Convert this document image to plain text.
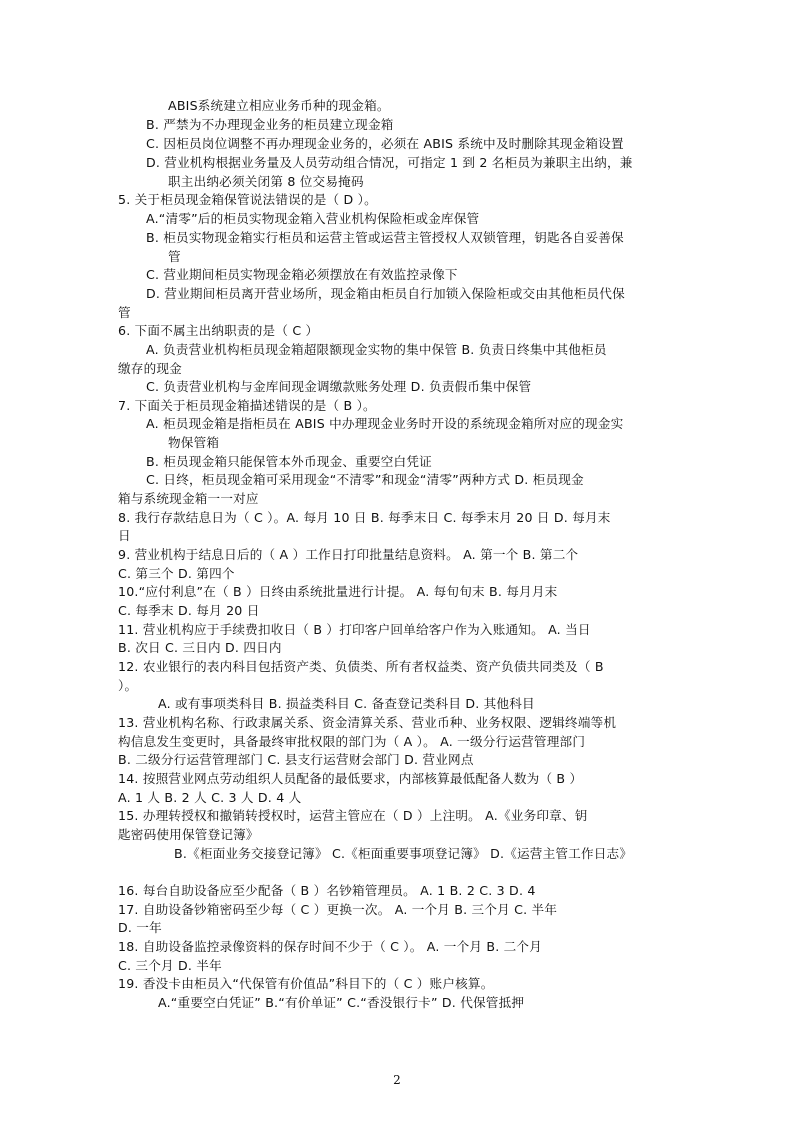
ABIS系统建立相应业务币种的现金箱。
B. 严禁为不办理现金业务的柜员建立现金箱
C. 因柜员岗位调整不再办理现金业务的，必须在 ABIS 系统中及时删除其现金箱设置
D. 营业机构根据业务量及人员劳动组合情况，可指定 1 到 2 名柜员为兼职主出纳，兼
职主出纳必须关闭第 8 位交易掩码
5. 关于柜员现金箱保管说法错误的是（ D ）。
A.“清零”后的柜员实物现金箱入营业机构保险柜或金库保管
B. 柜员实物现金箱实行柜员和运营主管或运营主管授权人双锁管理，钥匙各自妥善保
管
C. 营业期间柜员实物现金箱必须摆放在有效监控录像下
D. 营业期间柜员离开营业场所，现金箱由柜员自行加锁入保险柜或交由其他柜员代保
管
6. 下面不属主出纳职责的是（ C ）
A. 负责营业机构柜员现金箱超限额现金实物的集中保管 B. 负责日终集中其他柜员
缴存的现金
C. 负责营业机构与金库间现金调缴款账务处理 D. 负责假币集中保管
7. 下面关于柜员现金箱描述错误的是（ B ）。
A. 柜员现金箱是指柜员在 ABIS 中办理现金业务时开设的系统现金箱所对应的现金实
物保管箱
B. 柜员现金箱只能保管本外币现金、重要空白凭证
C. 日终，柜员现金箱可采用现金“不清零”和现金“清零”两种方式 D. 柜员现金
箱与系统现金箱一一对应
8. 我行存款结息日为（ C ）。A. 每月 10 日 B. 每季末日 C. 每季末月 20 日 D. 每月末
日
9. 营业机构于结息日后的（ A ）工作日打印批量结息资料。 A. 第一个 B. 第二个
C. 第三个 D. 第四个
10.“应付利息”在（ B ）日终由系统批量进行计提。 A. 每旬旬末 B. 每月月末
C. 每季末 D. 每月 20 日
11. 营业机构应于手续费扣收日（ B ）打印客户回单给客户作为入账通知。 A. 当日
B. 次日 C. 三日内 D. 四日内
12. 农业银行的表内科目包括资产类、负债类、所有者权益类、资产负债共同类及（ B
）。
A. 或有事项类科目 B. 损益类科目 C. 备查登记类科目 D. 其他科目
13. 营业机构名称、行政隶属关系、资金清算关系、营业币种、业务权限、逻辑终端等机
构信息发生变更时，具备最终审批权限的部门为（ A ）。 A. 一级分行运营管理部门
B. 二级分行运营管理部门 C. 县支行运营财会部门 D. 营业网点
14. 按照营业网点劳动组织人员配备的最低要求，内部核算最低配备人数为（ B ）
A. 1 人 B. 2 人 C. 3 人 D. 4 人
15. 办理转授权和撤销转授权时，运营主管应在（ D ）上注明。 A.《业务印章、钥
匙密码使用保管登记簿》
B.《柜面业务交接登记簿》 C.《柜面重要事项登记簿》 D.《运营主管工作日志》
16. 每台自助设备应至少配备（ B ）名钞箱管理员。 A. 1 B. 2 C. 3 D. 4
17. 自助设备钞箱密码至少每（ C ）更换一次。 A. 一个月 B. 三个月 C. 半年
D. 一年
18. 自助设备监控录像资料的保存时间不少于（ C ）。 A. 一个月 B. 二个月
C. 三个月 D. 半年
19. 香没卡由柜员入“代保管有价值品”科目下的（ C ）账户核算。
A.“重要空白凭证” B.“有价单证” C.“香没银行卡” D. 代保管抵押
2
